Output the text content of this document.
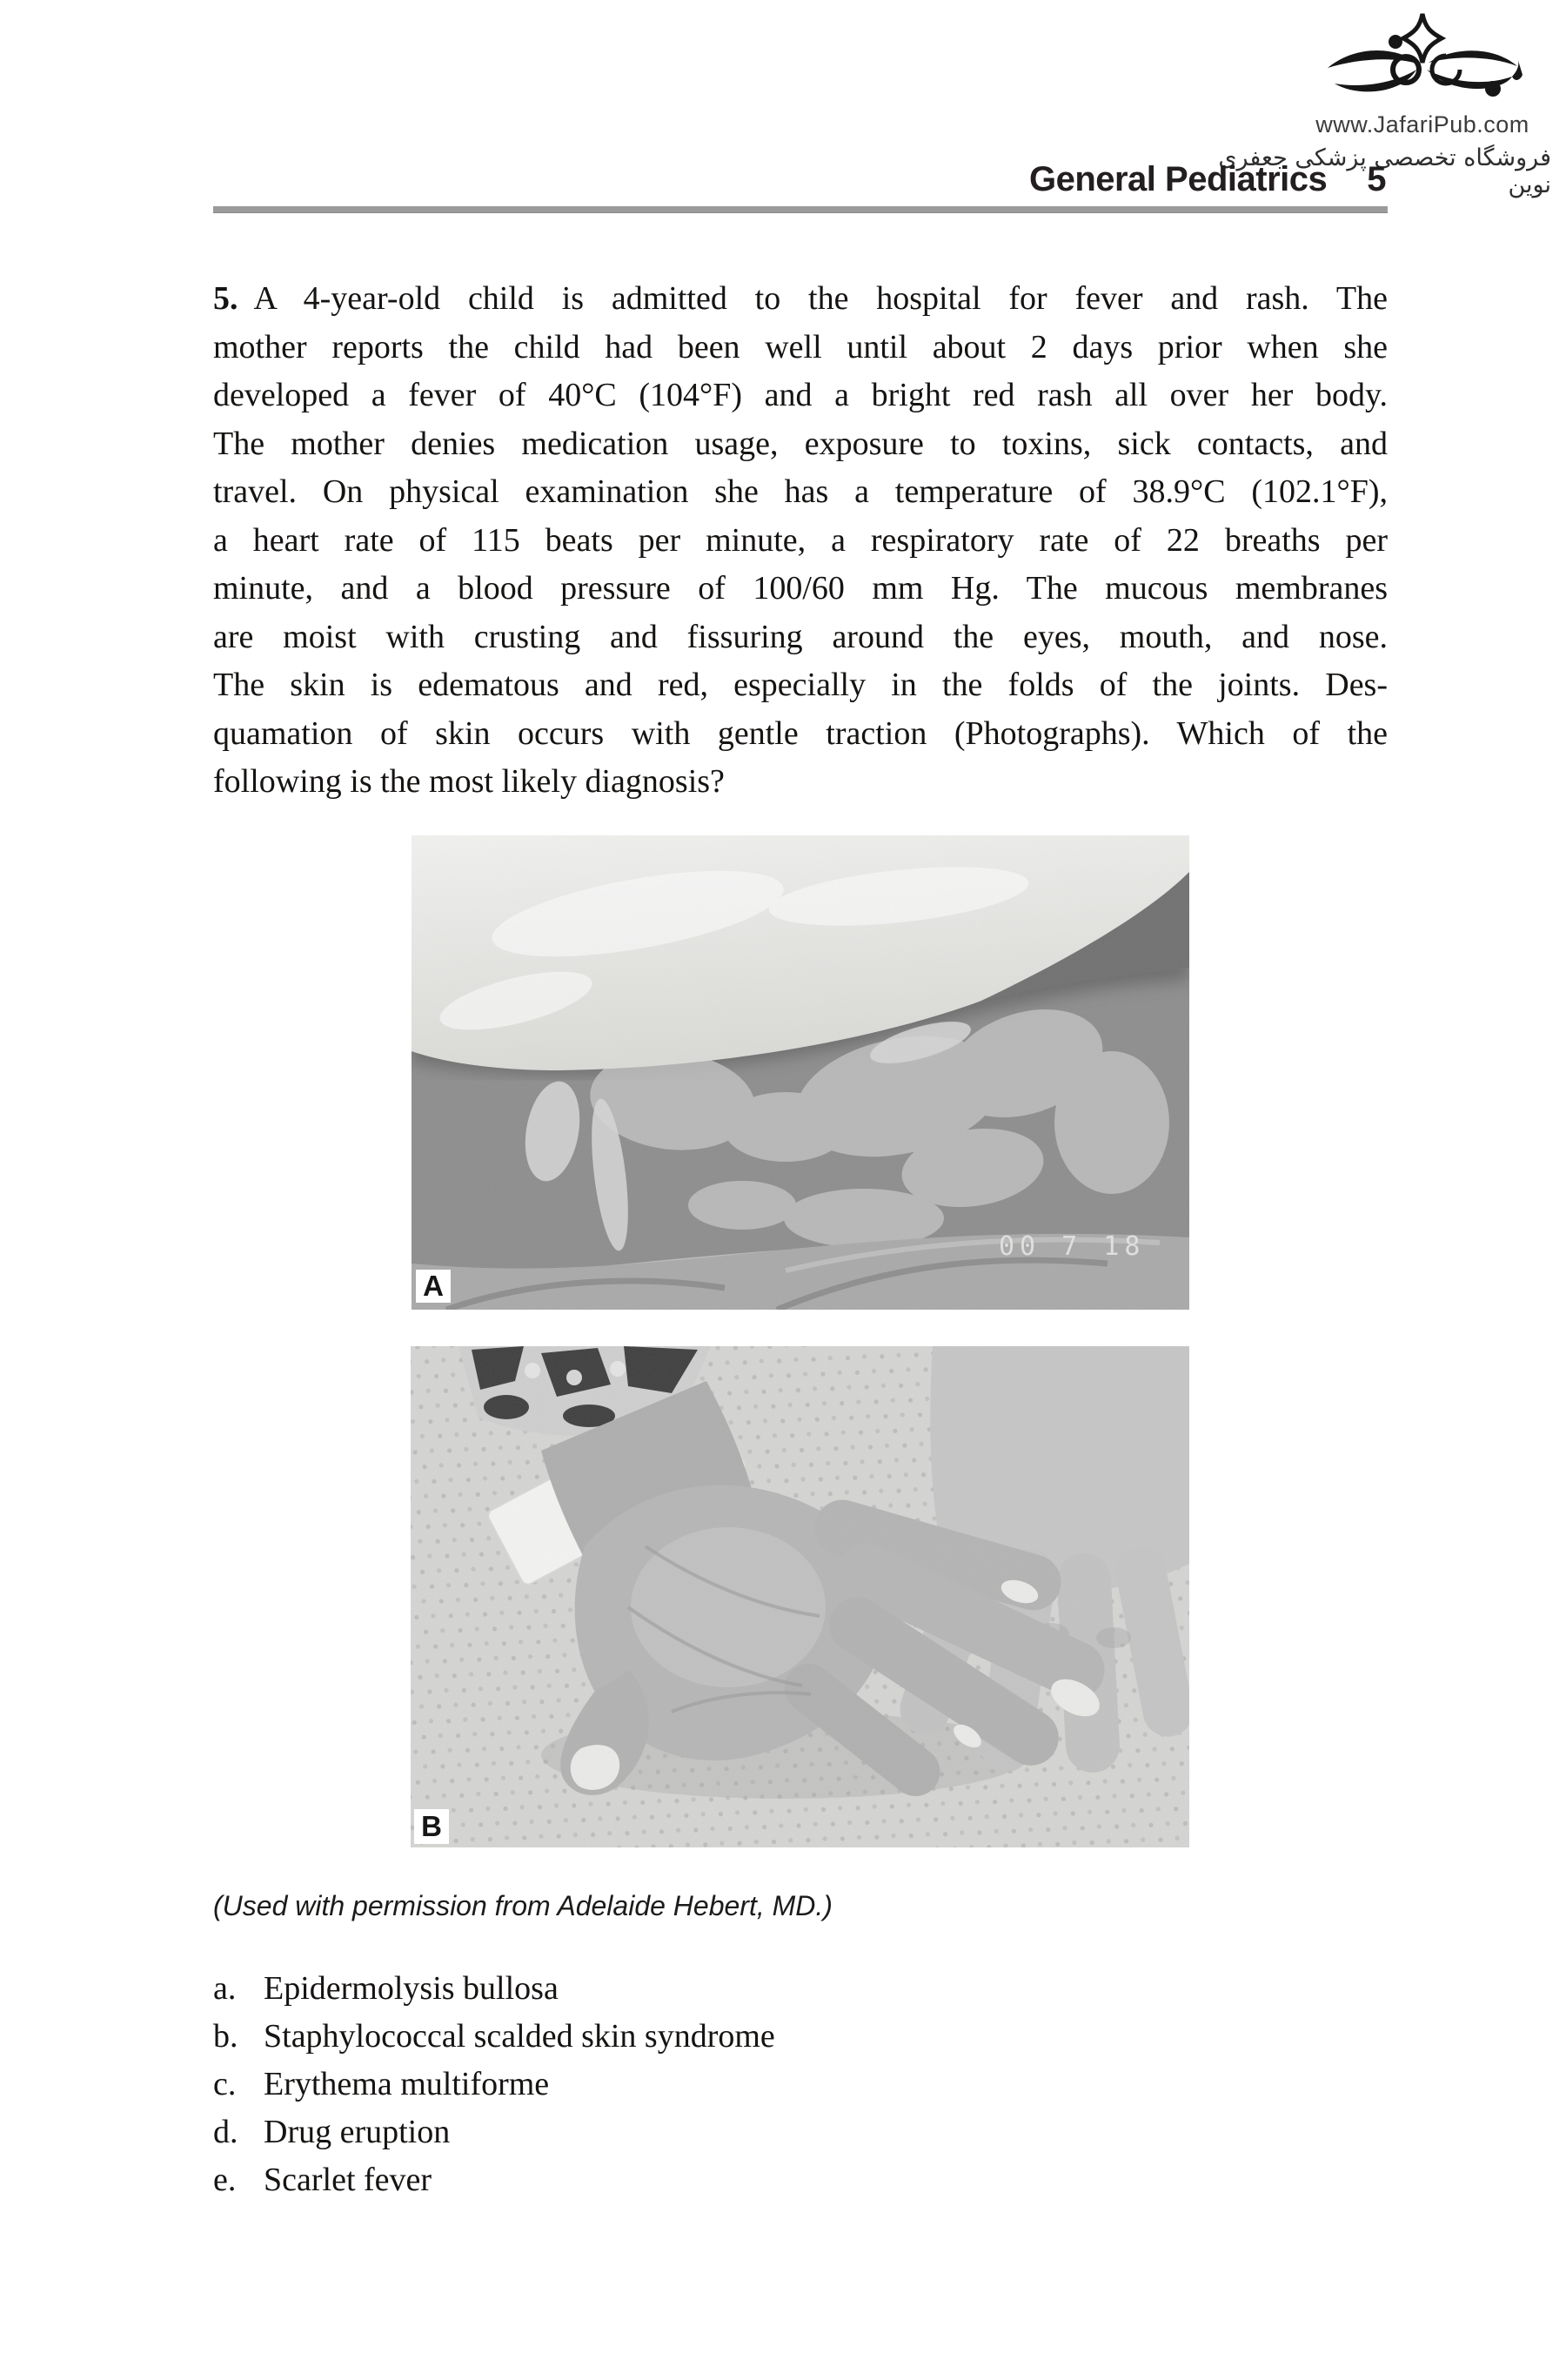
www.JafariPub.com
فروشگاه تخصصی پزشکی جعفری نوین
General Pediatrics 5
5. A 4-year-old child is admitted to the hospital for fever and rash. The
mother reports the child had been well until about 2 days prior when she
developed a fever of 40°C (104°F) and a bright red rash all over her body.
The mother denies medication usage, exposure to toxins, sick contacts, and
travel. On physical examination she has a temperature of 38.9°C (102.1°F),
a heart rate of 115 beats per minute, a respiratory rate of 22 breaths per
minute, and a blood pressure of 100/60 mm Hg. The mucous membranes
are moist with crusting and fissuring around the eyes, mouth, and nose.
The skin is edematous and red, especially in the folds of the joints. Des-
quamation of skin occurs with gentle traction (Photographs). Which of the
following is the most likely diagnosis?
00 7 18
A
B
(Used with permission from Adelaide Hebert, MD.)
a. Epidermolysis bullosa
b. Staphylococcal scalded skin syndrome
c. Erythema multiforme
d. Drug eruption
e. Scarlet fever
